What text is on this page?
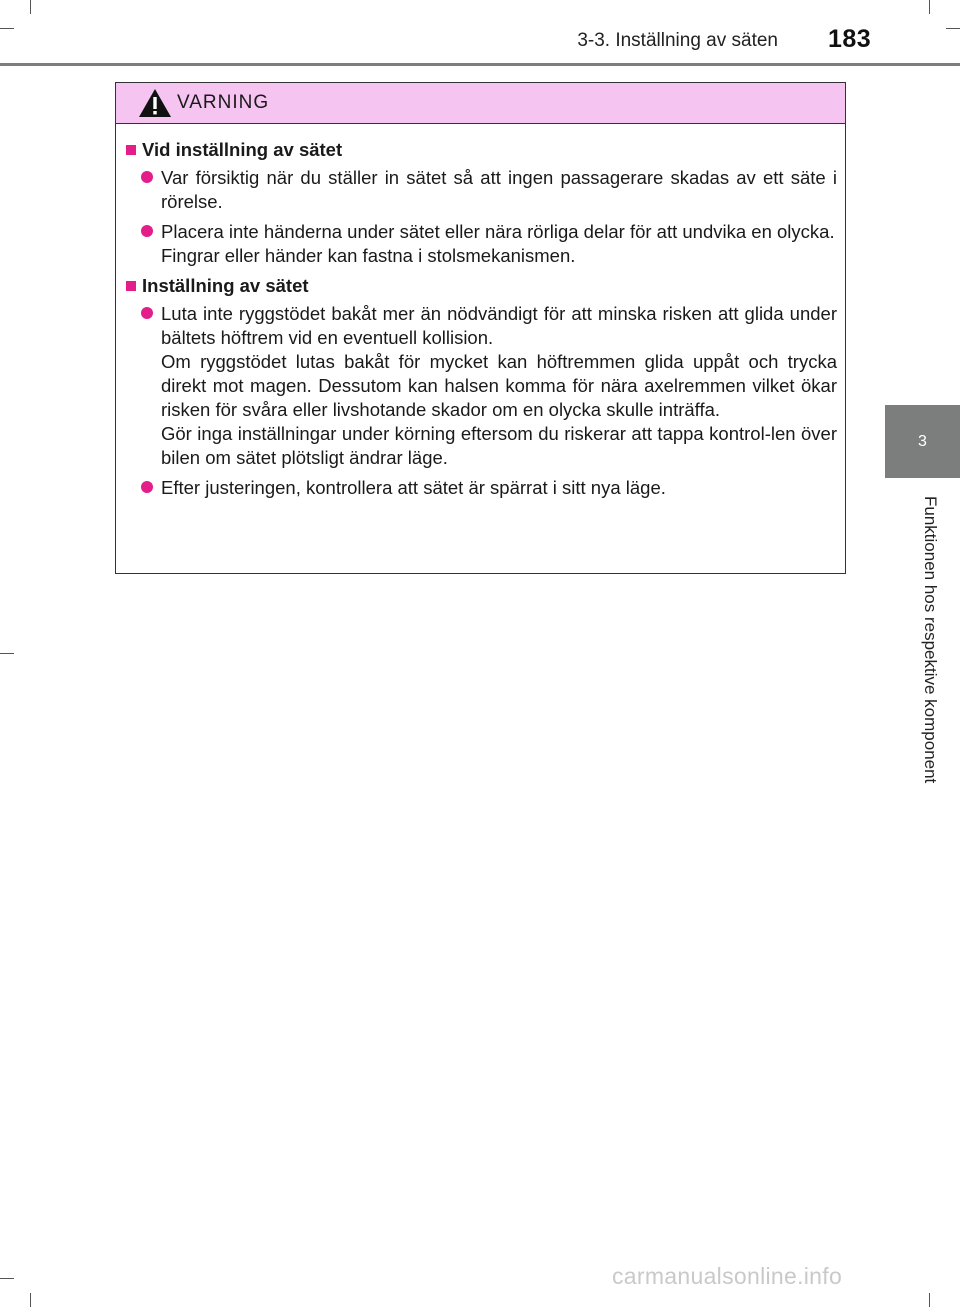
3-3. Inställning av säten 183
3
Funktionen hos respektive komponent
VARNING
Vid inställning av sätet

Var försiktig när du ställer in sätet så att ingen passagerare skadas av ett säte i rörelse.

Placera inte händerna under sätet eller nära rörliga delar för att undvika en olycka.

Fingrar eller händer kan fastna i stolsmekanismen.

Inställning av sätet

Luta inte ryggstödet bakåt mer än nödvändigt för att minska risken att glida under bältets höftrem vid en eventuell kollision.

Om ryggstödet lutas bakåt för mycket kan höftremmen glida uppåt och trycka direkt mot magen. Dessutom kan halsen komma för nära axelremmen vilket ökar risken för svåra eller livshotande skador om en olycka skulle inträffa.

Gör inga inställningar under körning eftersom du riskerar att tappa kontrol-len över bilen om sätet plötsligt ändrar läge.

Efter justeringen, kontrollera att sätet är spärrat i sitt nya läge.

carmanualsonline.info
